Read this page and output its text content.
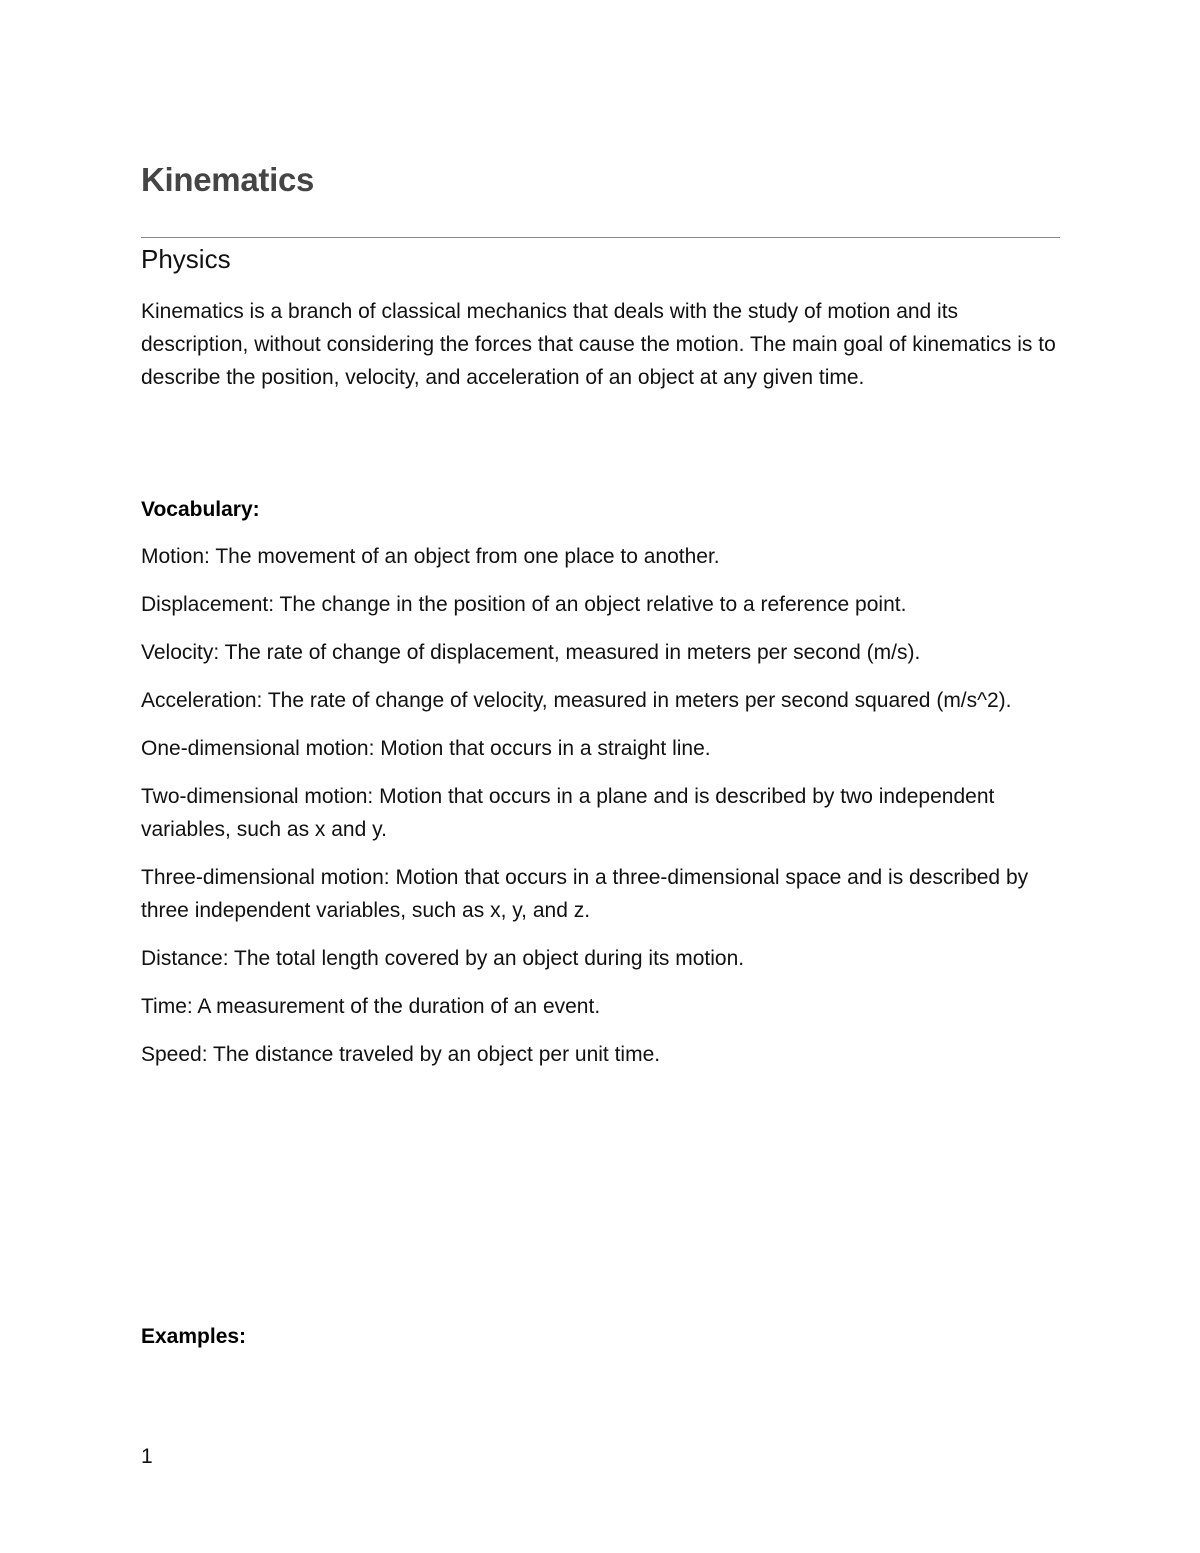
Kinematics
Physics

Kinematics is a branch of classical mechanics that deals with the study of motion and its description, without considering the forces that cause the motion. The main goal of kinematics is to describe the position, velocity, and acceleration of an object at any given time.

Vocabulary:
Motion: The movement of an object from one place to another.
Displacement: The change in the position of an object relative to a reference point.
Velocity: The rate of change of displacement, measured in meters per second (m/s).
Acceleration: The rate of change of velocity, measured in meters per second squared (m/s^2).
One-dimensional motion: Motion that occurs in a straight line.
Two-dimensional motion: Motion that occurs in a plane and is described by two independent variables, such as x and y.
Three-dimensional motion: Motion that occurs in a three-dimensional space and is described by three independent variables, such as x, y, and z.
Distance: The total length covered by an object during its motion.
Time: A measurement of the duration of an event.
Speed: The distance traveled by an object per unit time.
Examples:
1
